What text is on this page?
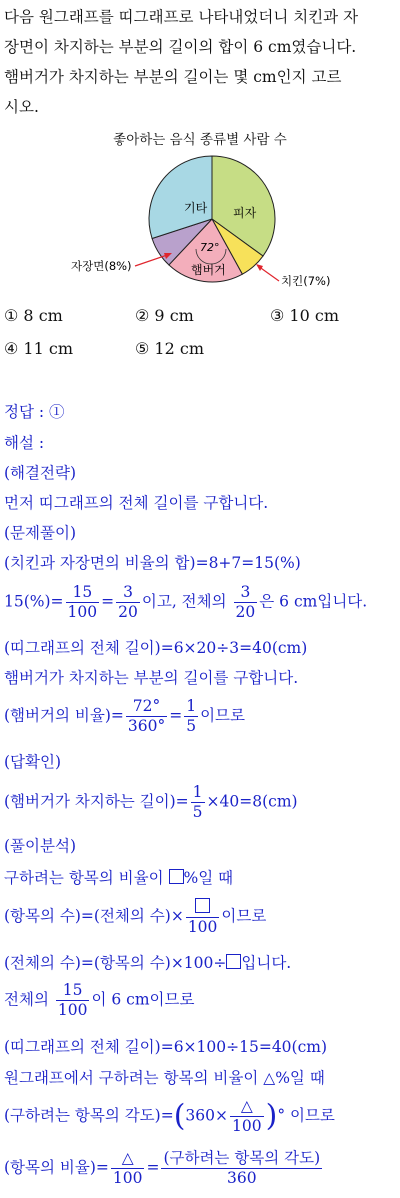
다음 원그래프를 띠그래프로 나타내었더니 치킨과 자
장면이 차지하는 부분의 길이의 합이 6 cm였습니다.
햄버거가 차지하는 부분의 길이는 몇 cm인지 고르
시오.
좋아하는 음식 종류별 사람 수
기타 피자
햄버거
72°
자장면(8%)
치킨(7%)
① 8 cm	② 9 cm	③ 10 cm
④ 11 cm	⑤ 12 cm
정답 : ①
해설 :
(해결전략)
먼저 띠그래프의 전체 길이를 구합니다.
(문제풀이)
(치킨과 자장면의 비율의 합)=8+7=15(%)
$15(\%)= \frac{15}{100} = \frac{3}{20}$ 이고, 전체의 $\frac{3}{20}$ 은 6 cm입니다.
(띠그래프의 전체 길이)=6×20÷3=40(cm)
햄버거가 차지하는 부분의 길이를 구합니다.
(햄버거의 비율)= $\frac{72^\circ}{360^\circ} = \frac{1}{5}$ 이므로
(답확인)
(햄버거가 차지하는 길이)= $\frac{1}{5} \times 40=8(cm)$
(풀이분석)
구하려는 항목의 비율이 %일 때
(항목의 수)=(전체의 수)×
100
이므로
(전체의 수)=(항목의 수)×100÷ 입니다.
전체의 $\frac{15}{100}$ 이 6 cm이므로
(띠그래프의 전체 길이)=6×100÷15=40(cm)
원그래프에서 구하려는 항목의 비율이 △%일 때
(구하려는 항목의 각도)$=(360\times \frac{\triangle}{100}$ )° 이므로
(항목의 비율)= $\frac{\triangle}{100} = \frac{\text{(구하려는 항목의 각도)}}{360}$
